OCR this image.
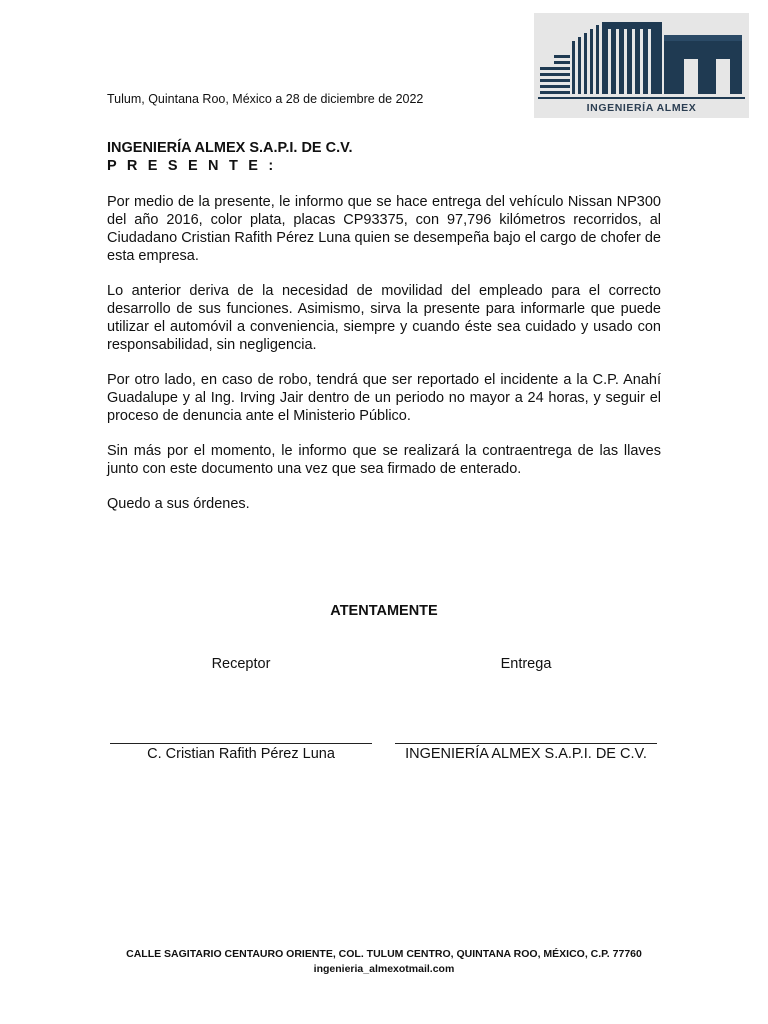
INGENIERÍA ALMEX
Tulum, Quintana Roo, México a 28 de diciembre de 2022
INGENIERÍA ALMEX S.A.P.I. DE C.V.
P R E S E N T E :

Por medio de la presente, le informo que se hace entrega del vehículo Nissan NP300 del año 2016, color plata, placas CP93375, con 97,796 kilómetros recorridos, al Ciudadano Cristian Rafith Pérez Luna quien se desempeña bajo el cargo de chofer de esta empresa.

Lo anterior deriva de la necesidad de movilidad del empleado para el correcto desarrollo de sus funciones. Asimismo, sirva la presente para informarle que puede utilizar el automóvil a conveniencia, siempre y cuando éste sea cuidado y usado con responsabilidad, sin negligencia.

Por otro lado, en caso de robo, tendrá que ser reportado el incidente a la C.P. Anahí Guadalupe y al Ing. Irving Jair dentro de un periodo no mayor a 24 horas, y seguir el proceso de denuncia ante el Ministerio Público.

Sin más por el momento, le informo que se realizará la contraentrega de las llaves junto con este documento una vez que sea firmado de enterado.

Quedo a sus órdenes.

ATENTAMENTE
Receptor
C. Cristian Rafith Pérez Luna
Entrega
INGENIERÍA ALMEX S.A.P.I. DE C.V.
CALLE SAGITARIO CENTAURO ORIENTE, COL. TULUM CENTRO, QUINTANA ROO, MÉXICO, C.P. 77760
ingenieria_almexotmail.com
